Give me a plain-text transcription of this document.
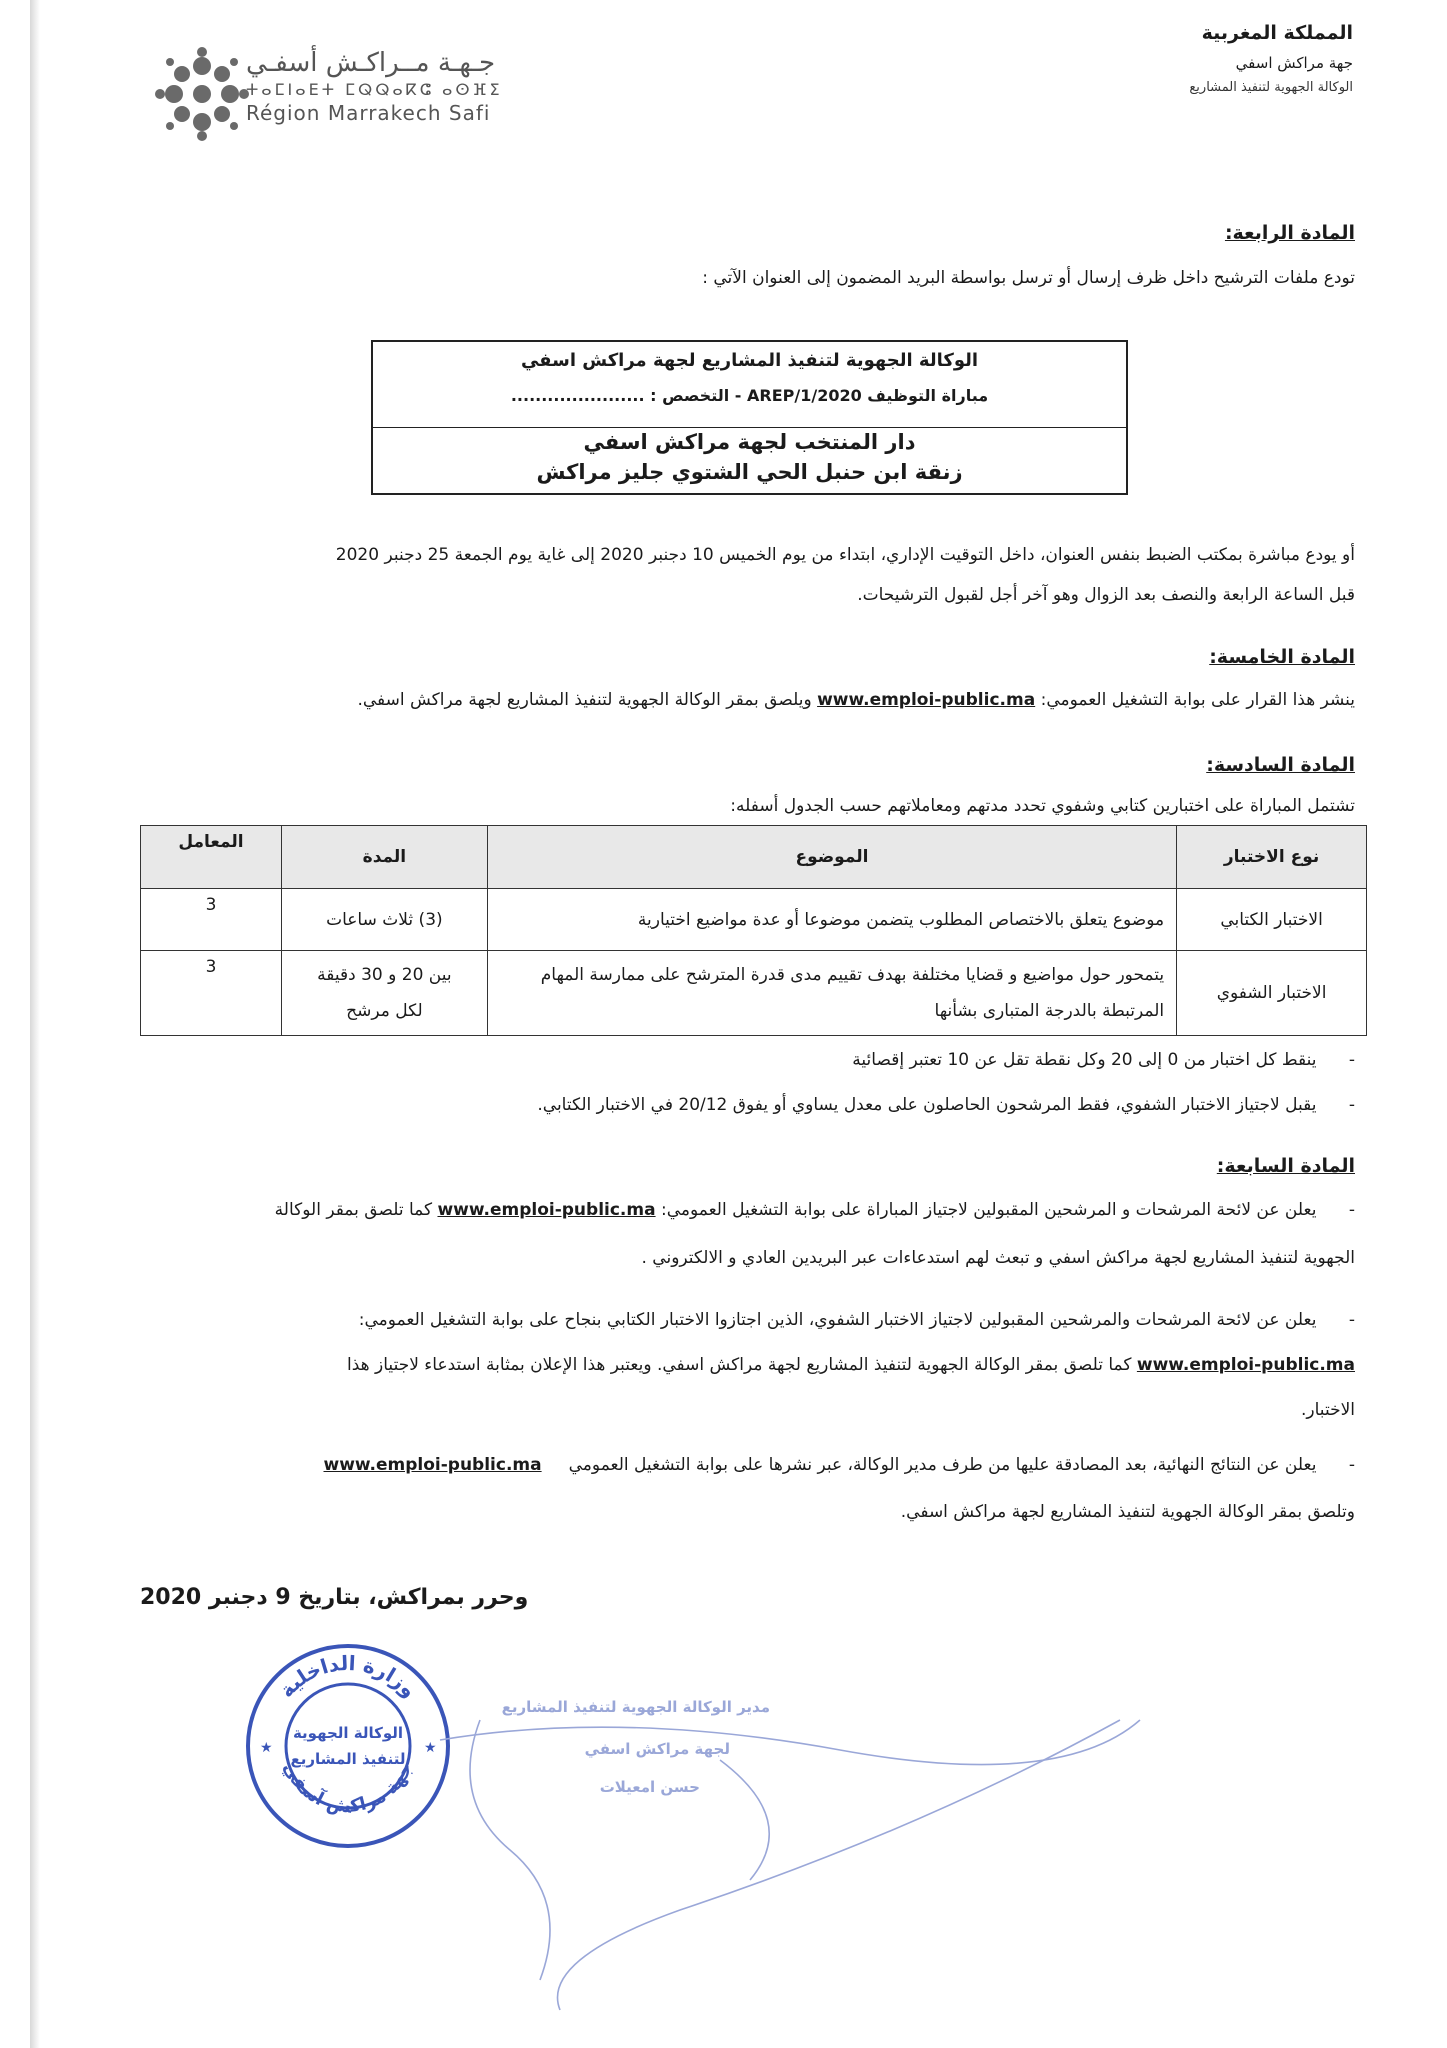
المملكة المغربية
جهة مراكش اسفي
الوكالة الجهوية لتنفيذ المشاريع
جـهـة مــراكـش أسفـي
ⵜⴰⵎⵏⴰⴹⵜ ⵎⵕⵕⴰⴽⵛ ⴰⵙⴼⵉ
Région Marrakech Safi
المادة الرابعة:
تودع ملفات الترشيح داخل ظرف إرسال أو ترسل بواسطة البريد المضمون إلى العنوان الآتي :
الوكالة الجهوية لتنفيذ المشاريع لجهة مراكش اسفي
مباراة التوظيف AREP/1/2020 - التخصص : ......................
دار المنتخب لجهة مراكش اسفي
زنقة ابن حنبل الحي الشتوي جليز مراكش
أو يودع مباشرة بمكتب الضبط بنفس العنوان، داخل التوقيت الإداري، ابتداء من يوم الخميس 10 دجنبر 2020 إلى غاية يوم الجمعة 25 دجنبر 2020
قبل الساعة الرابعة والنصف بعد الزوال وهو آخر أجل لقبول الترشيحات.
المادة الخامسة:
ينشر هذا القرار على بوابة التشغيل العمومي: www.emploi-public.ma ويلصق بمقر الوكالة الجهوية لتنفيذ المشاريع لجهة مراكش اسفي.
المادة السادسة:
تشتمل المباراة على اختبارين كتابي وشفوي تحدد مدتهم ومعاملاتهم حسب الجدول أسفله:
نوع الاختبار	الموضوع	المدة	المعامل
الاختبار الكتابي	موضوع يتعلق بالاختصاص المطلوب يتضمن موضوعا أو عدة مواضيع اختيارية	(3) ثلاث ساعات	3
الاختبار الشفوي	يتمحور حول مواضيع و قضايا مختلفة بهدف تقييم مدى قدرة المترشح على ممارسة المهام المرتبطة بالدرجة المتبارى بشأنها	بين 20 و 30 دقيقة
لكل مرشح	3
-      ينقط كل اختبار من 0 إلى 20 وكل نقطة تقل عن 10 تعتبر إقصائية
-      يقبل لاجتياز الاختبار الشفوي، فقط المرشحون الحاصلون على معدل يساوي أو يفوق 20/12 في الاختبار الكتابي.
المادة السابعة:
-      يعلن عن لائحة المرشحات و المرشحين المقبولين لاجتياز المباراة على بوابة التشغيل العمومي: www.emploi-public.ma كما تلصق بمقر الوكالة
الجهوية لتنفيذ المشاريع لجهة مراكش اسفي و تبعث لهم استدعاءات عبر البريدين العادي و الالكتروني .
-      يعلن عن لائحة المرشحات والمرشحين المقبولين لاجتياز الاختبار الشفوي، الذين اجتازوا الاختبار الكتابي بنجاح على بوابة التشغيل العمومي:
www.emploi-public.ma كما تلصق بمقر الوكالة الجهوية لتنفيذ المشاريع لجهة مراكش اسفي. ويعتبر هذا الإعلان بمثابة استدعاء لاجتياز هذا
الاختبار.
-      يعلن عن النتائج النهائية، بعد المصادقة عليها من طرف مدير الوكالة، عبر نشرها على بوابة التشغيل العمومي     www.emploi-public.ma
وتلصق بمقر الوكالة الجهوية لتنفيذ المشاريع لجهة مراكش اسفي.
وحرر بمراكش، بتاريخ 9 دجنبر 2020
وزارة الداخلية
جهة مراكش آسفي
الوكالة الجهوية
لتنفيذ المشاريع
★	★
مدير الوكالة الجهوية لتنفيذ المشاريع
لجهة مراكش اسفي
حسن امعيلات
